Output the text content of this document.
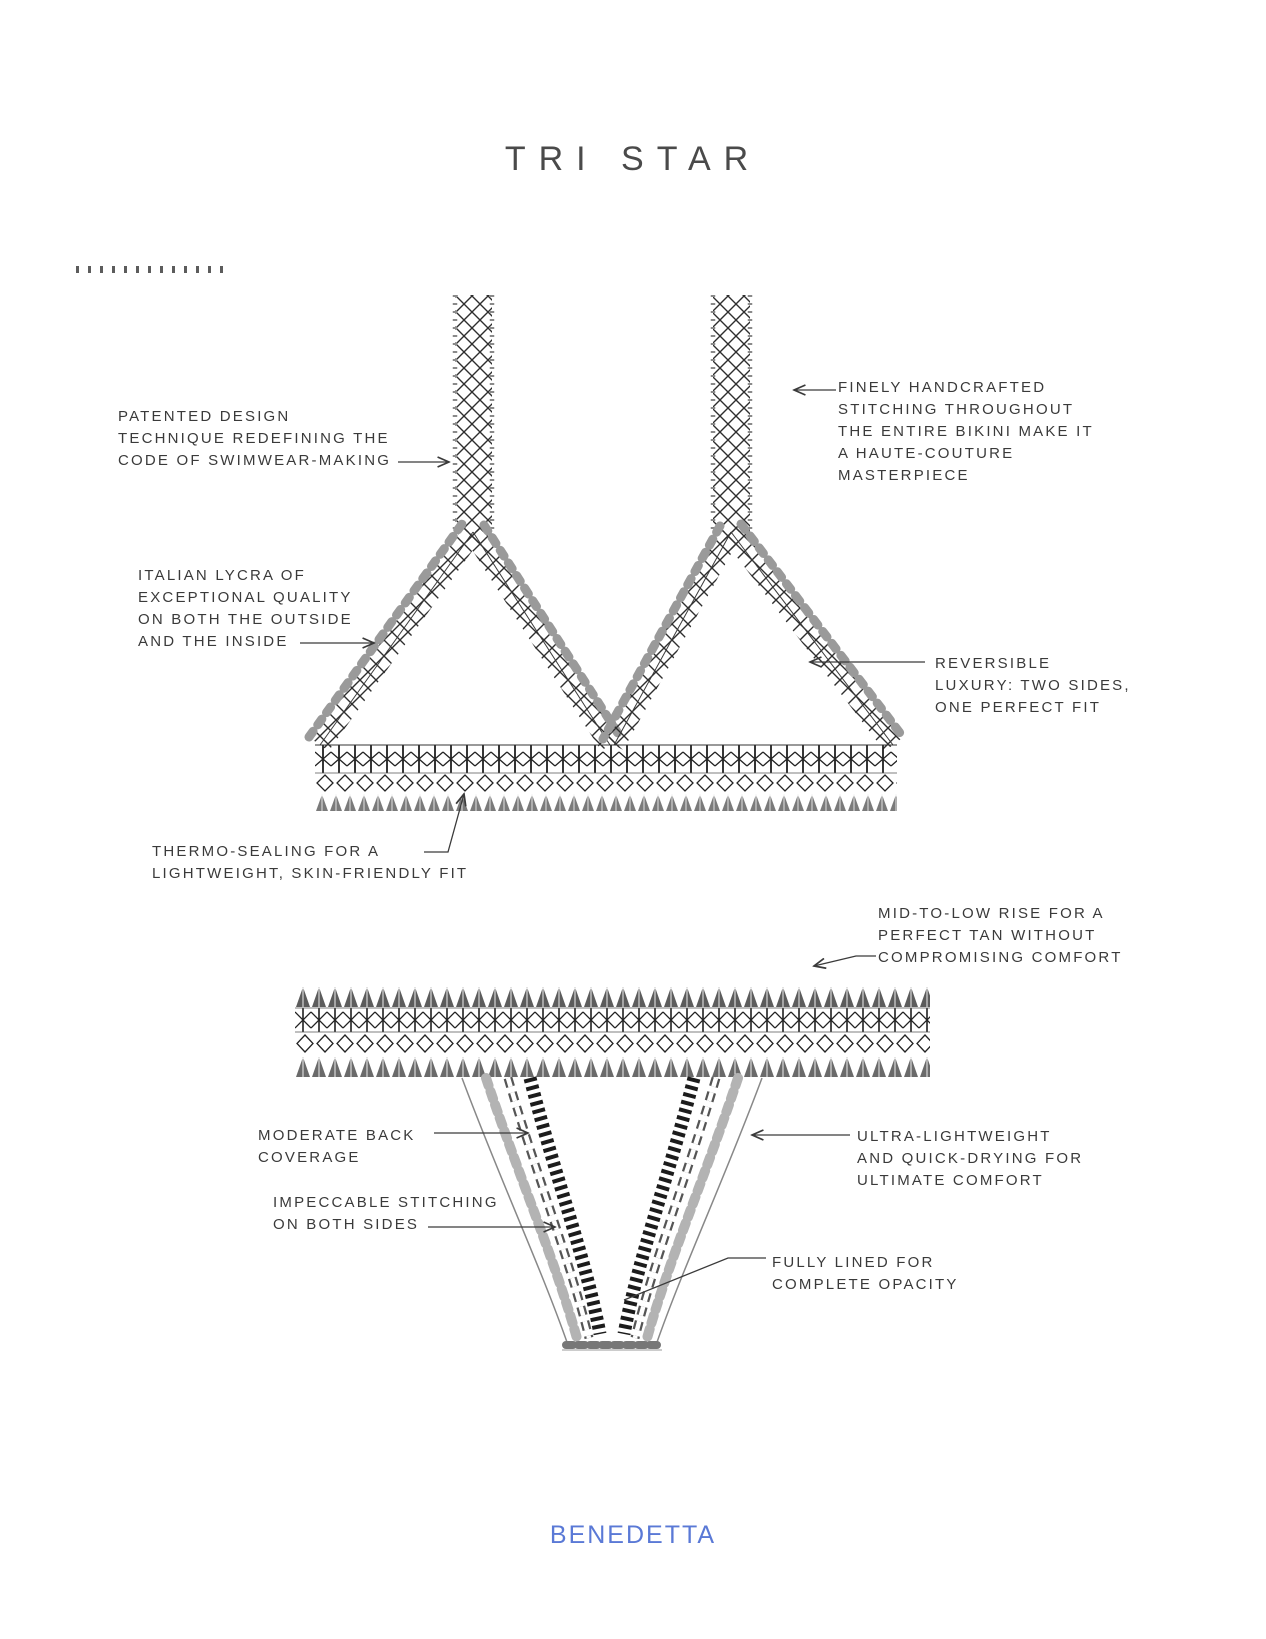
TRI STAR
PATENTED DESIGN
TECHNIQUE REDEFINING THE
CODE OF SWIMWEAR-MAKING
FINELY HANDCRAFTED
STITCHING THROUGHOUT
THE ENTIRE BIKINI MAKE IT
A HAUTE-COUTURE
MASTERPIECE
ITALIAN LYCRA OF
EXCEPTIONAL QUALITY
ON BOTH THE OUTSIDE
AND THE INSIDE
REVERSIBLE
LUXURY: TWO SIDES,
ONE PERFECT FIT
THERMO-SEALING FOR A
LIGHTWEIGHT, SKIN-FRIENDLY FIT
MID-TO-LOW RISE FOR A
PERFECT TAN WITHOUT
COMPROMISING COMFORT
MODERATE BACK
COVERAGE
IMPECCABLE STITCHING
ON BOTH SIDES
ULTRA-LIGHTWEIGHT
AND QUICK-DRYING FOR
ULTIMATE COMFORT
FULLY LINED FOR
COMPLETE OPACITY
BENEDETTA
